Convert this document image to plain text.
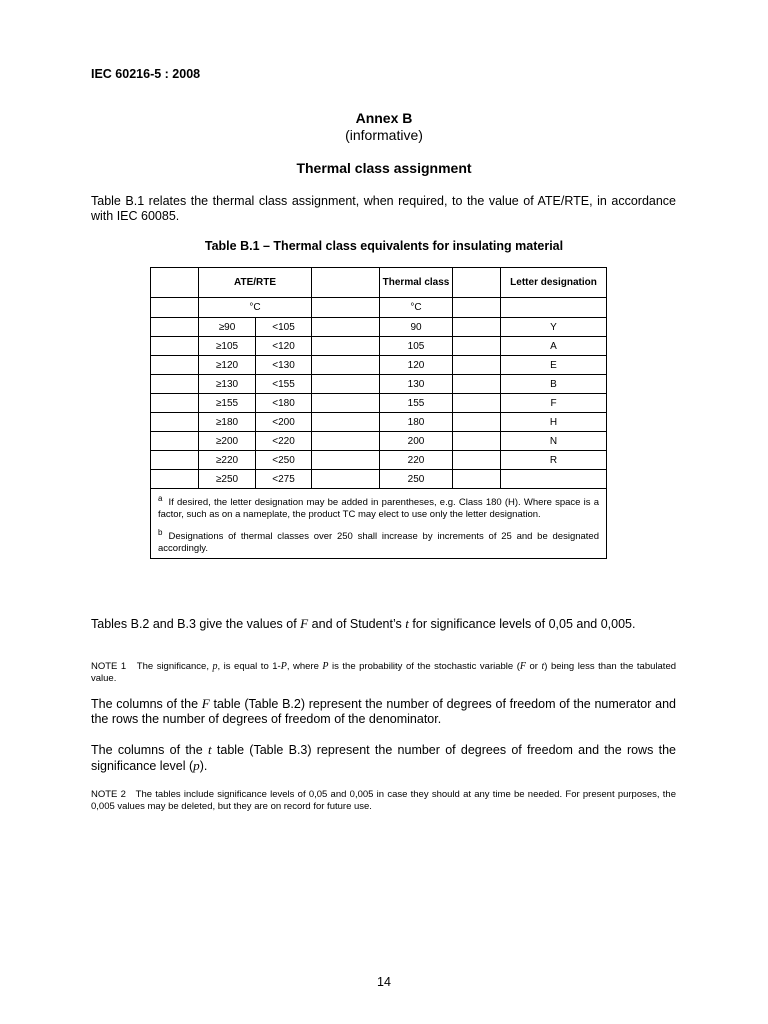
IEC 60216-5 : 2008
Annex B
(informative)
Thermal class assignment
Table B.1 relates the thermal class assignment, when required, to the value of ATE/RTE, in accordance with IEC 60085.
Table B.1 – Thermal class equivalents for insulating material
	ATE/RTE			Thermal class		Letter designation
	°C			°C		
	≥90	<105		90		Y
	≥105	<120		105		A
	≥120	<130		120		E
	≥130	<155		130		B
	≥155	<180		155		F
	≥180	<200		180		H
	≥200	<220		200		N
	≥220	<250		220		R
	≥250	<275		250		

$^a$ If desired, the letter designation may be added in parentheses, e.g. Class 180 (H). Where space is a factor, such as on a nameplate, the product TC may elect to use only the letter designation.
$^b$ Designations of thermal classes over 250 shall increase by increments of 25 and be designated accordingly.						
Tables B.2 and B.3 give the values of F and of Student’s t for significance levels of 0,05 and 0,005.
NOTE 1 The significance, p, is equal to 1-P, where P is the probability of the stochastic variable (F or t) being less than the tabulated value.
The columns of the F table (Table B.2) represent the number of degrees of freedom of the numerator and the rows the number of degrees of freedom of the denominator.
The columns of the t table (Table B.3) represent the number of degrees of freedom and the rows the significance level (p).
NOTE 2 The tables include significance levels of 0,05 and 0,005 in case they should at any time be needed. For present purposes, the 0,005 values may be deleted, but they are on record for future use.
14
